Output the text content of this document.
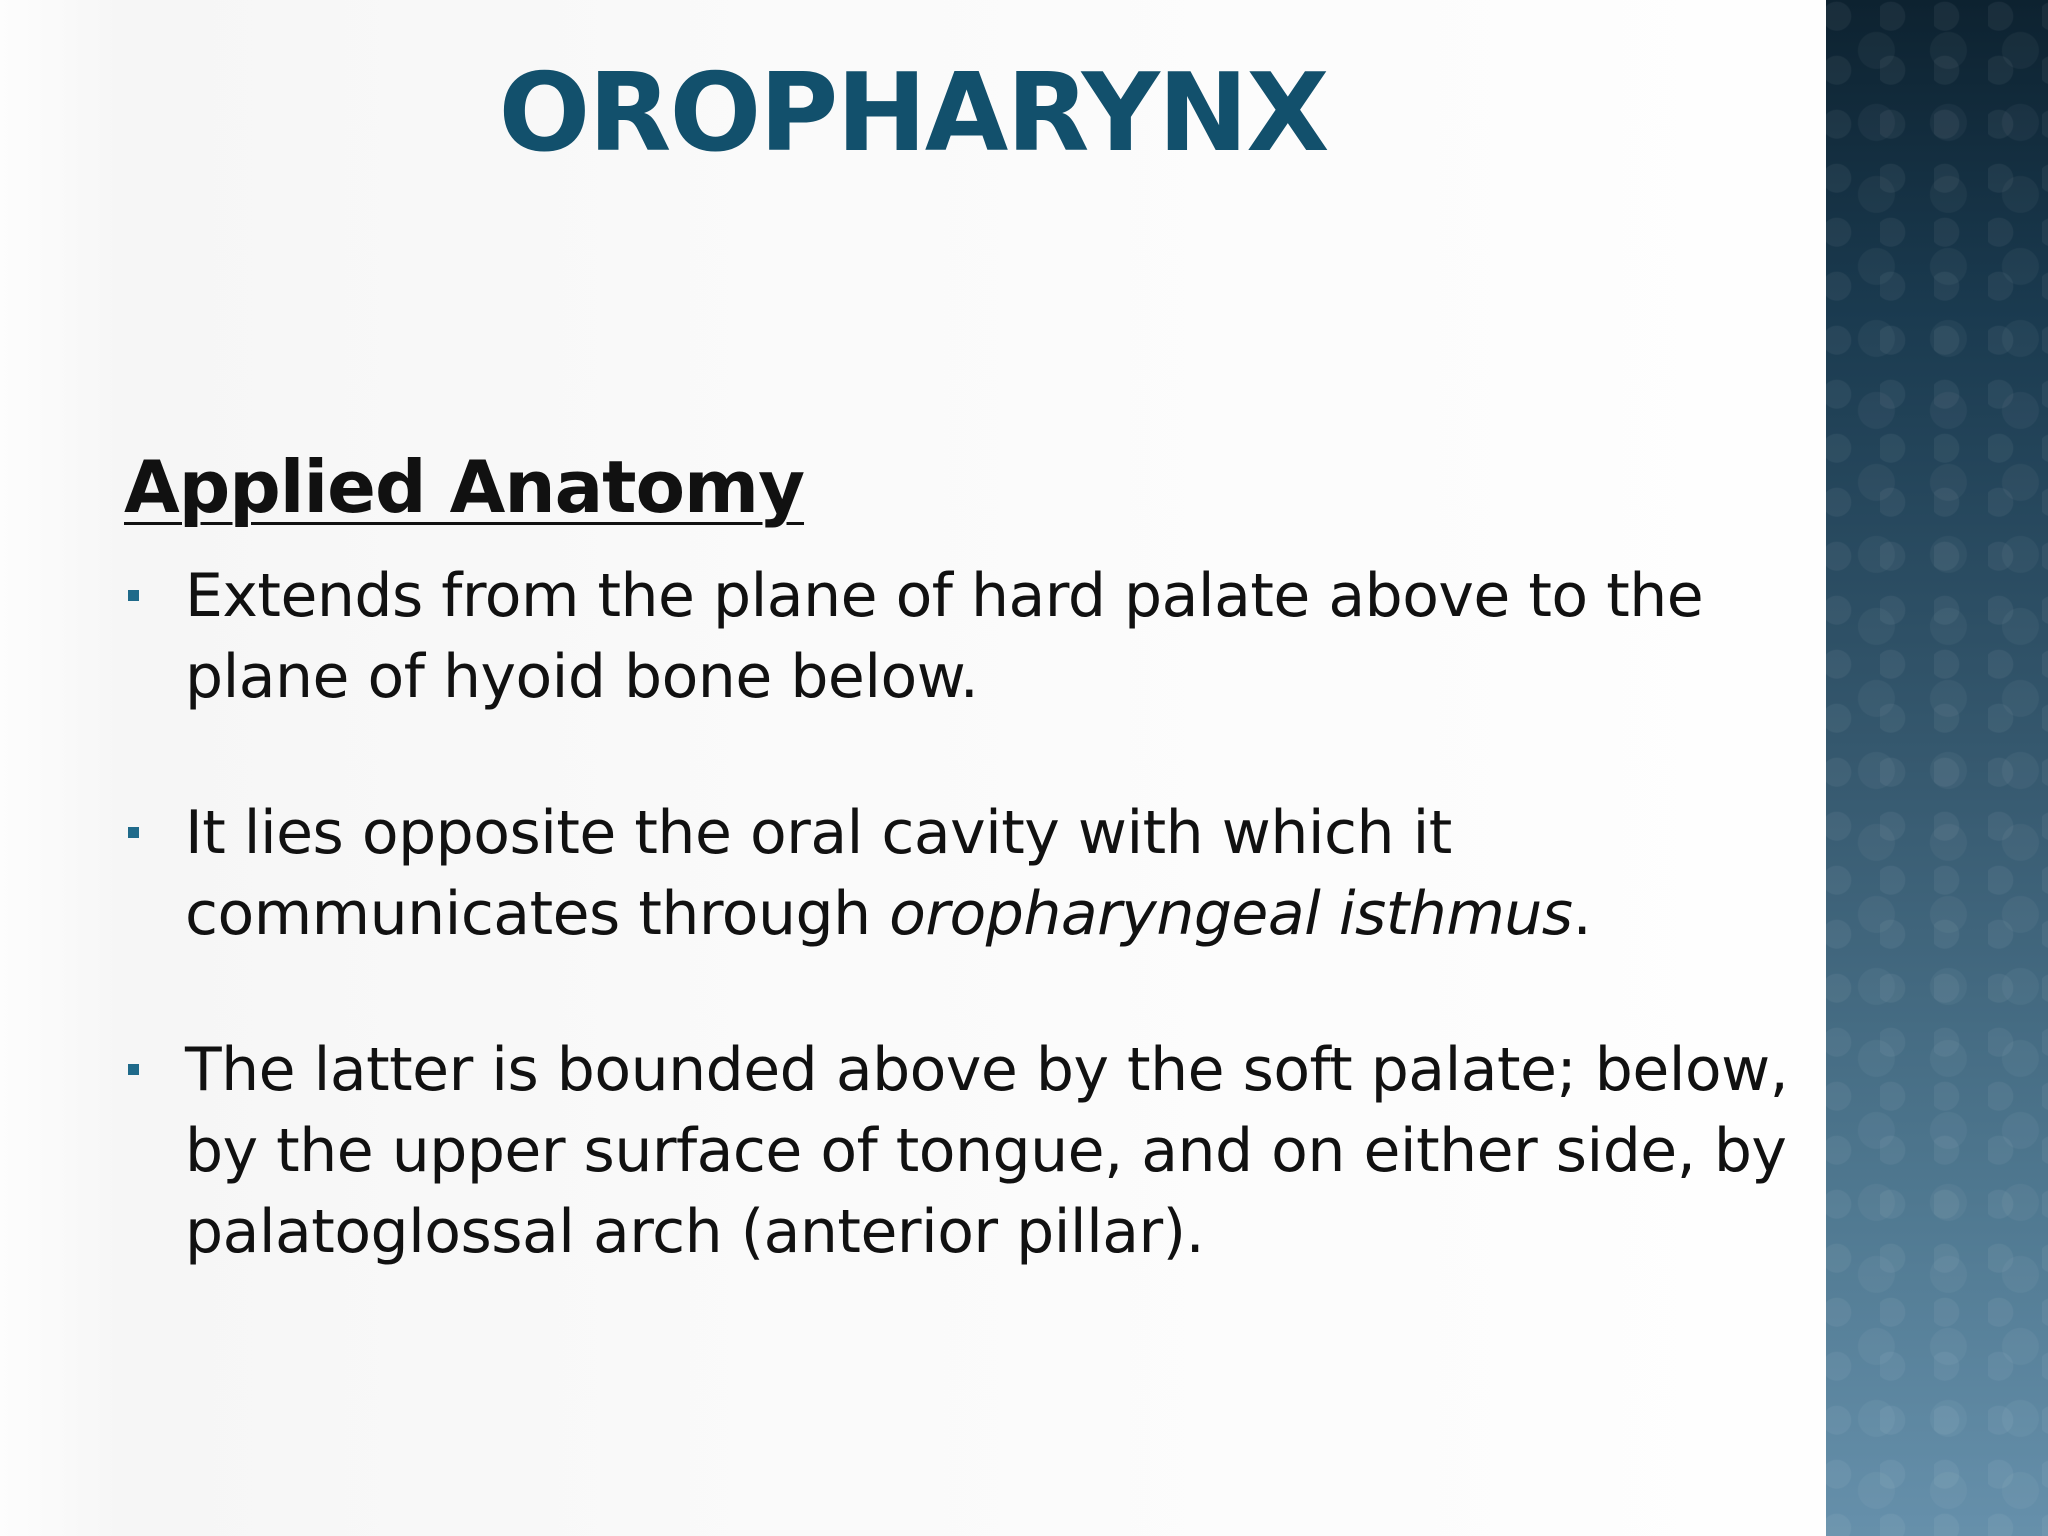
OROPHARYNX
Applied Anatomy
Extends from the plane of hard palate above to the plane of hyoid bone below.
It lies opposite the oral cavity with which it communicates through oropharyngeal isthmus.
The latter is bounded above by the soft palate; below, by the upper surface of tongue, and on either side, by palatoglossal arch (anterior pillar).
